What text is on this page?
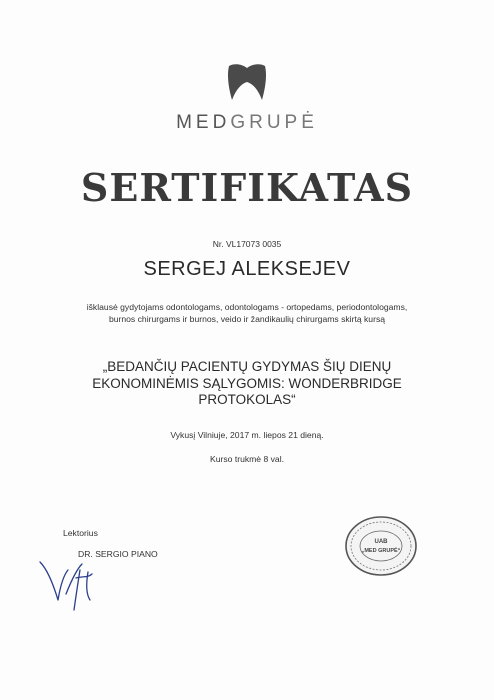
MEDGRUPĖ
SERTIFIKATAS
Nr. VL17073 0035
SERGEJ ALEKSEJEV
išklausė gydytojams odontologams, odontologams - ortopedams, periodontologams,
burnos chirurgams ir burnos, veido ir žandikaulių chirurgams skirtą kursą
„BEDANČIŲ PACIENTŲ GYDYMAS ŠIŲ DIENŲ
EKONOMINĖMIS SĄLYGOMIS: WONDERBRIDGE
PROTOKOLAS“
Vykusį Vilniuje, 2017 m. liepos 21 dieną.
Kurso trukmė 8 val.
Lektorius
DR. SERGIO PIANO
UAB
„MED GRUPĖ“
